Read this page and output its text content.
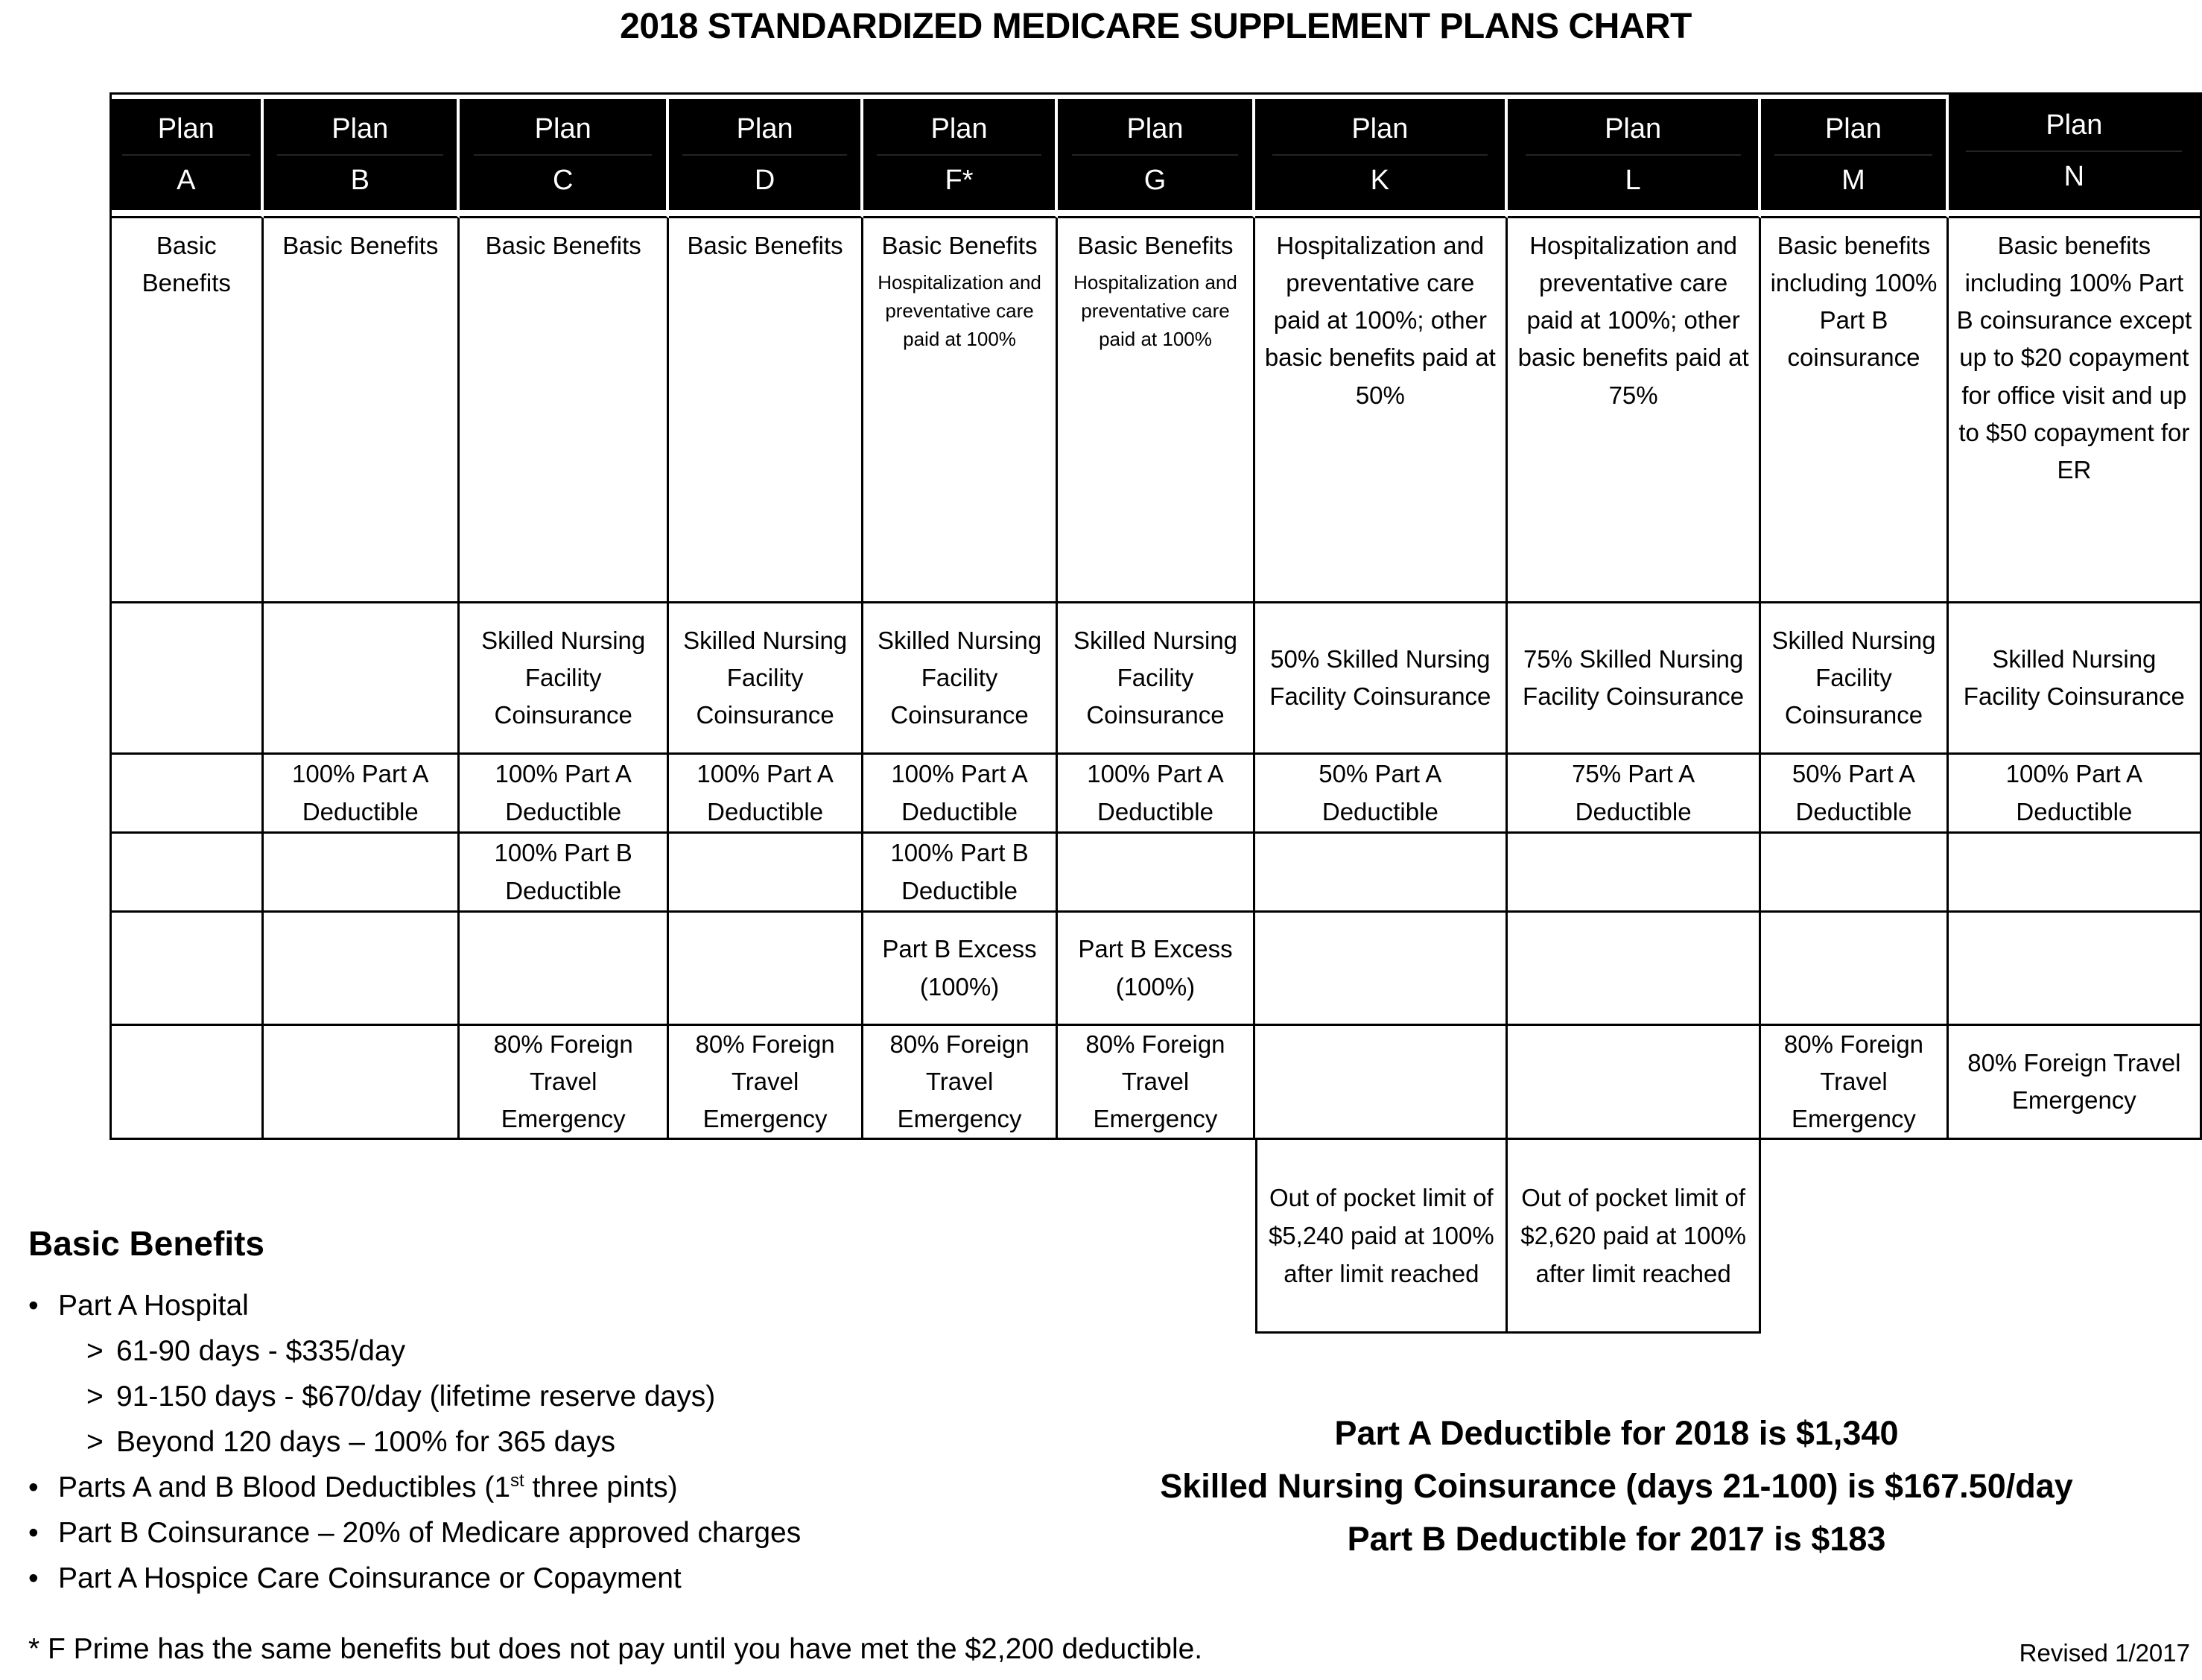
2018 STANDARDIZED MEDICARE SUPPLEMENT PLANS CHART
Plan
A
Plan
B
Plan
C
Plan
D
Plan
F*
Plan
G
Plan
K
Plan
L
Plan
M
Plan
N
Basic Benefits
Basic Benefits Basic Benefits Basic Benefits Basic Benefits
Hospitalization and preventative care paid at 100%
Basic Benefits
Hospitalization and preventative care paid at 100%
Hospitalization and preventative care paid at 100%; other basic benefits paid at 50%
Hospitalization and preventative care paid at 100%; other basic benefits paid at 75%
Basic benefits including 100% Part B coinsurance
Basic benefits including 100% Part B coinsurance except up to $20 copayment for office visit and up to $50 copayment for ER
Skilled Nursing Facility Coinsurance
Skilled Nursing Facility Coinsurance
Skilled Nursing Facility Coinsurance
Skilled Nursing Facility Coinsurance
50% Skilled Nursing Facility Coinsurance
75% Skilled Nursing Facility Coinsurance
Skilled Nursing Facility Coinsurance
Skilled Nursing Facility Coinsurance
100% Part A Deductible
100% Part A Deductible
100% Part A Deductible
100% Part A Deductible
100% Part A Deductible
50% Part A Deductible
75% Part A Deductible
50% Part A Deductible
100% Part A Deductible
100% Part B Deductible
100% Part B Deductible
Part B Excess (100%)
Part B Excess (100%)
80% Foreign Travel Emergency
80% Foreign Travel Emergency
80% Foreign Travel Emergency
80% Foreign Travel Emergency
80% Foreign Travel Emergency
80% Foreign Travel Emergency
Out of pocket limit of $5,240 paid at 100% after limit reached
Out of pocket limit of $2,620 paid at 100% after limit reached
Basic Benefits
• Part A Hospital
> 61-90 days - $335/day
> 91-150 days - $670/day (lifetime reserve days)
> Beyond 120 days – 100% for 365 days
• Parts A and B Blood Deductibles (1st three pints)
• Part B Coinsurance – 20% of Medicare approved charges
• Part A Hospice Care Coinsurance or Copayment
Part A Deductible for 2018 is $1,340
Skilled Nursing Coinsurance (days 21-100) is $167.50/day
Part B Deductible for 2017 is $183
* F Prime has the same benefits but does not pay until you have met the $2,200 deductible.	Revised 1/2017
